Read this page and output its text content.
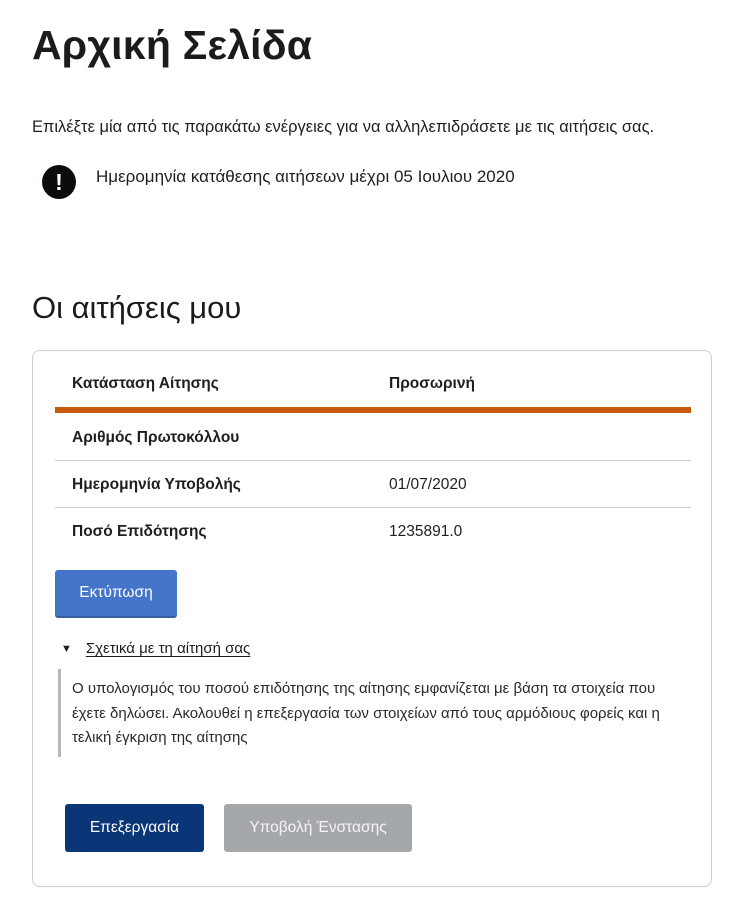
Αρχική Σελίδα

Επιλέξτε μία από τις παρακάτω ενέργειες για να αλληλεπιδράσετε με τις αιτήσεις σας.

!	Ημερομηνία κατάθεσης αιτήσεων μέχρι 05 Ιουλιου 2020
Οι αιτήσεις μου
Κατάσταση Αίτησης	Προσωρινή
Αριθμός Πρωτοκόλλου
Ημερομηνία Υποβολής	01/07/2020
Ποσό Επιδότησης	1235891.0
Εκτύπωση
▼ Σχετικά με τη αίτησή σας

Ο υπολογισμός του ποσού επιδότησης της αίτησης εμφανίζεται με βάση τα στοιχεία που έχετε δηλώσει. Ακολουθεί η επεξεργασία των στοιχείων από τους αρμόδιους φορείς και η τελική έγκριση της αίτησης

Επεξεργασία	Υποβολή Ένστασης
